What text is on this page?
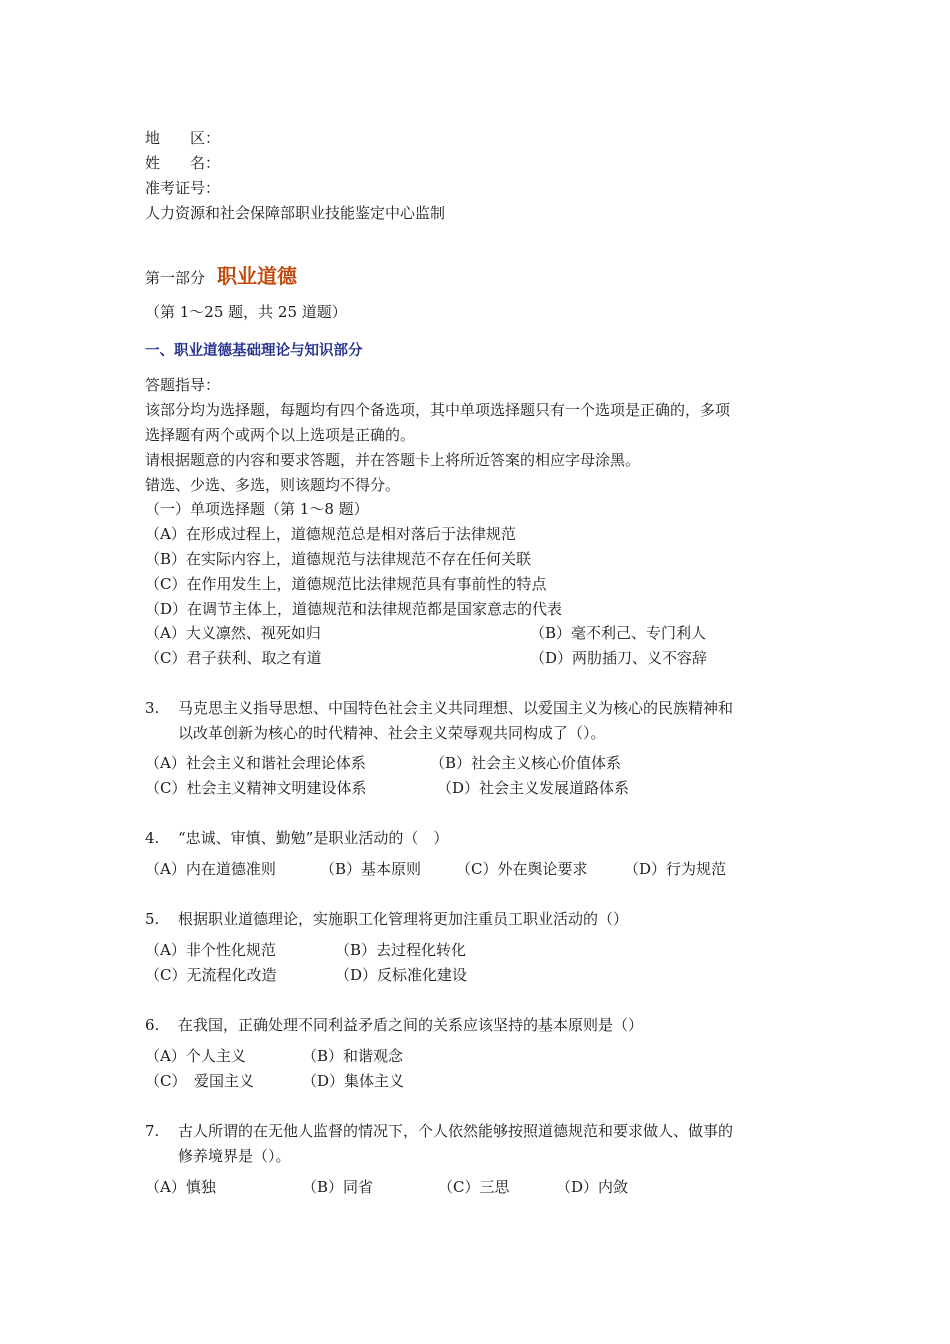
地　　区：
姓　　名：
准考证号：
人力资源和社会保障部职业技能鉴定中心监制
第一部分 职业道德
（第 1～25 题，共 25 道题）
一、职业道德基础理论与知识部分
答题指导：
该部分均为选择题，每题均有四个备选项，其中单项选择题只有一个选项是正确的，多项
选择题有两个或两个以上选项是正确的。
请根据题意的内容和要求答题，并在答题卡上将所近答案的相应字母涂黑。
错选、少选、多选，则该题均不得分。
（一）单项选择题（第 1～8 题）
（A）在形成过程上，道德规范总是相对落后于法律规范
（B）在实际内容上，道德规范与法律规范不存在任何关联
（C）在作用发生上，道德规范比法律规范具有事前性的特点
（D）在调节主体上，道德规范和法律规范都是国家意志的代表
（A）大义凛然、视死如归	（B）毫不利己、专门利人
（C）君子获利、取之有道	（D）两肋插刀、义不容辞
3. 马克思主义指导思想、中国特色社会主义共同理想、以爱国主义为核心的民族精神和
以改革创新为核心的时代精神、社会主义荣辱观共同构成了（）。
（A）社会主义和谐社会理论体系	（B）社会主义核心价值体系
（C）杜会主义精神文明建设体系	（D）社会主义发展道路体系
4. “忠诚、审慎、勤勉”是职业活动的（　）
（A）内在道德准则	（B）基本原则 （C）外在舆论要求 （D）行为规范
5. 根据职业道德理论，实施职工化管理将更加注重员工职业活动的（）
（A）非个性化规范	（B）去过程化转化
（C）无流程化改造	（D）反标准化建设
6. 在我国，正确处理不同利益矛盾之间的关系应该坚持的基本原则是（）
（A）个人主义	（B）和谐观念
（C）　爱国主义	（D）集体主义
7. 古人所谓的在无他人监督的情况下，个人依然能够按照道德规范和要求做人、做事的
修养境界是（）。
（A）慎独	（B）同省	（C）三思	（D）内敛
